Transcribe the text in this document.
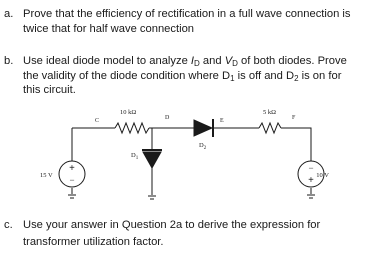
a. Prove that the efficiency of rectification in a full wave connection is
twice that for half wave connection
b. Use ideal diode model to analyze $I_D$ and $V_D$ of both diodes. Prove
the validity of the diode condition where $D_1$ is off and $D_2$ is on for
this circuit.
+
−
−
+
10 kΩ	5 kΩ
C	D	E	F
$D_1$
$D_2$
15 V	10 V
c. Use your answer in Question 2a to derive the expression for
transformer utilization factor.
